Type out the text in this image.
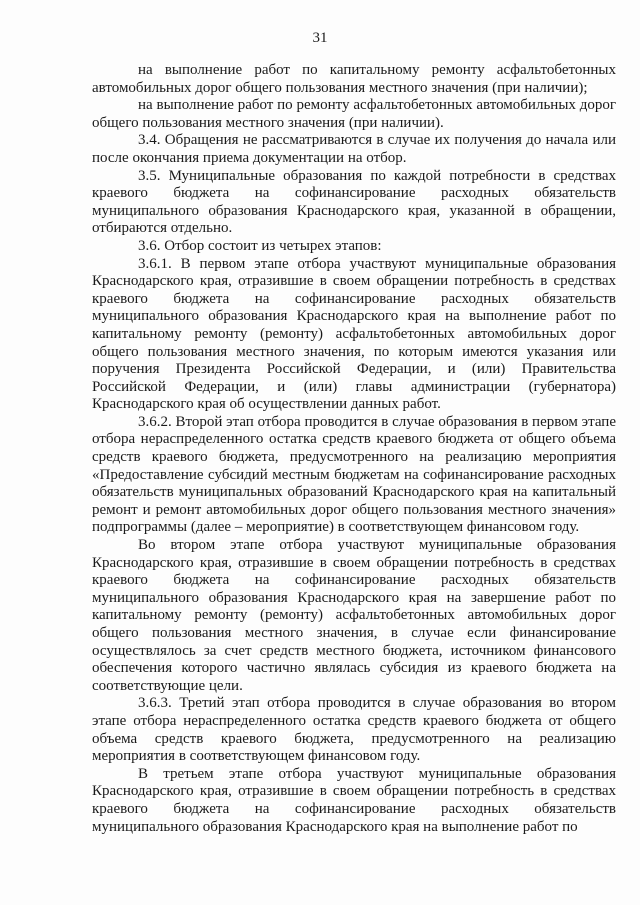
31

на выполнение работ по капитальному ремонту асфальтобетонных автомобильных дорог общего пользования местного значения (при наличии);

на выполнение работ по ремонту асфальтобетонных автомобильных дорог общего пользования местного значения (при наличии).

3.4. Обращения не рассматриваются в случае их получения до начала или после окончания приема документации на отбор.

3.5. Муниципальные образования по каждой потребности в средствах краевого бюджета на софинансирование расходных обязательств муниципального образования Краснодарского края, указанной в обращении, отбираются отдельно.

3.6. Отбор состоит из четырех этапов:

3.6.1. В первом этапе отбора участвуют муниципальные образования Краснодарского края, отразившие в своем обращении потребность в средствах краевого бюджета на софинансирование расходных обязательств муниципального образования Краснодарского края на выполнение работ по капитальному ремонту (ремонту) асфальтобетонных автомобильных дорог общего пользования местного значения, по которым имеются указания или поручения Президента Российской Федерации, и (или) Правительства Российской Федерации, и (или) главы администрации (губернатора) Краснодарского края об осуществлении данных работ.

3.6.2. Второй этап отбора проводится в случае образования в первом этапе отбора нераспределенного остатка средств краевого бюджета от общего объема средств краевого бюджета, предусмотренного на реализацию мероприятия «Предоставление субсидий местным бюджетам на софинансирование расходных обязательств муниципальных образований Краснодарского края на капитальный ремонт и ремонт автомобильных дорог общего пользования местного значения» подпрограммы (далее – мероприятие) в соответствующем финансовом году.

Во втором этапе отбора участвуют муниципальные образования Краснодарского края, отразившие в своем обращении потребность в средствах краевого бюджета на софинансирование расходных обязательств муниципального образования Краснодарского края на завершение работ по капитальному ремонту (ремонту) асфальтобетонных автомобильных дорог общего пользования местного значения, в случае если финансирование осуществлялось за счет средств местного бюджета, источником финансового обеспечения которого частично являлась субсидия из краевого бюджета на соответствующие цели.

3.6.3. Третий этап отбора проводится в случае образования во втором этапе отбора нераспределенного остатка средств краевого бюджета от общего объема средств краевого бюджета, предусмотренного на реализацию мероприятия в соответствующем финансовом году.

В третьем этапе отбора участвуют муниципальные образования Краснодарского края, отразившие в своем обращении потребность в средствах краевого бюджета на софинансирование расходных обязательств муниципального образования Краснодарского края на выполнение работ по
